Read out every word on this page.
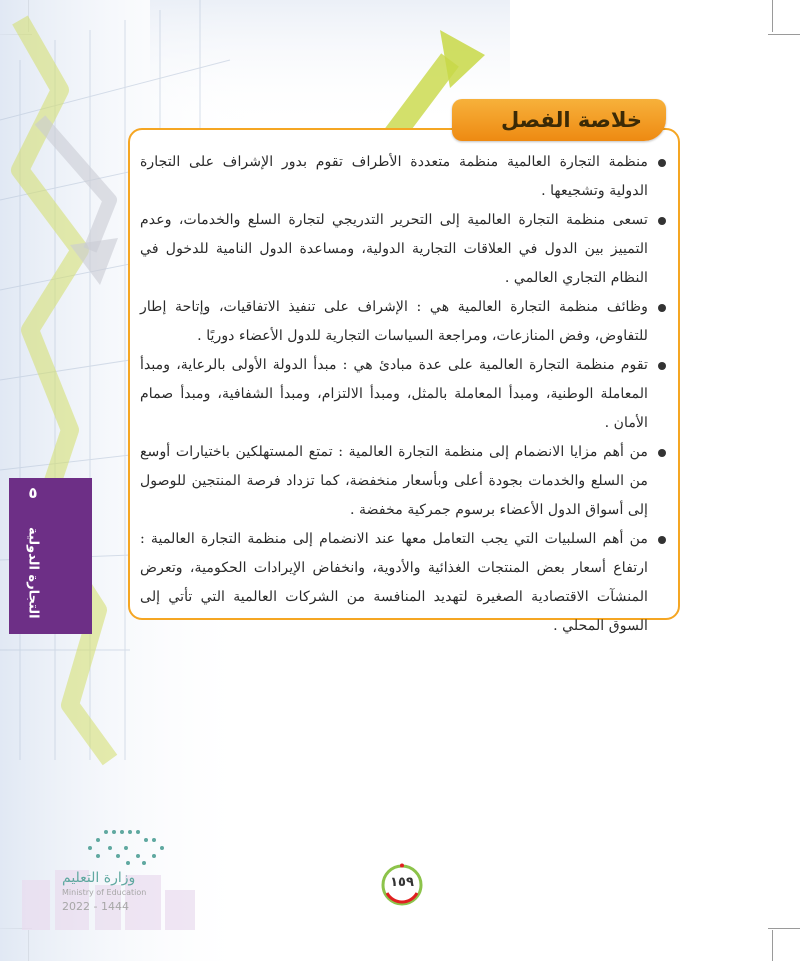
خلاصة الفصل
منظمة التجارة العالمية منظمة متعددة الأطراف تقوم بدور الإشراف على التجارة الدولية وتشجيعها .
تسعى منظمة التجارة العالمية إلى التحرير التدريجي لتجارة السلع والخدمات، وعدم التمييز بين الدول في العلاقات التجارية الدولية، ومساعدة الدول النامية للدخول في النظام التجاري العالمي .
وظائف منظمة التجارة العالمية هي : الإشراف على تنفيذ الاتفاقيات، وإتاحة إطار للتفاوض، وفض المنازعات، ومراجعة السياسات التجارية للدول الأعضاء دوريًا .
تقوم منظمة التجارة العالمية على عدة مبادئ هي : مبدأ الدولة الأولى بالرعاية، ومبدأ المعاملة الوطنية، ومبدأ المعاملة بالمثل، ومبدأ الالتزام، ومبدأ الشفافية، ومبدأ صمام الأمان .
من أهم مزايا الانضمام إلى منظمة التجارة العالمية : تمتع المستهلكين باختيارات أوسع من السلع والخدمات بجودة أعلى وبأسعار منخفضة، كما تزداد فرصة المنتجين للوصول إلى أسواق الدول الأعضاء برسوم جمركية مخفضة .
من أهم السلبيات التي يجب التعامل معها عند الانضمام إلى منظمة التجارة العالمية : ارتفاع أسعار بعض المنتجات الغذائية والأدوية، وانخفاض الإيرادات الحكومية، وتعرض المنشآت الاقتصادية الصغيرة لتهديد المنافسة من الشركات العالمية التي تأتي إلى السوق المحلي .
٥
التجارة الدولية
وزارة التعليم
Ministry of Education
2022 - 1444
١٥٩
